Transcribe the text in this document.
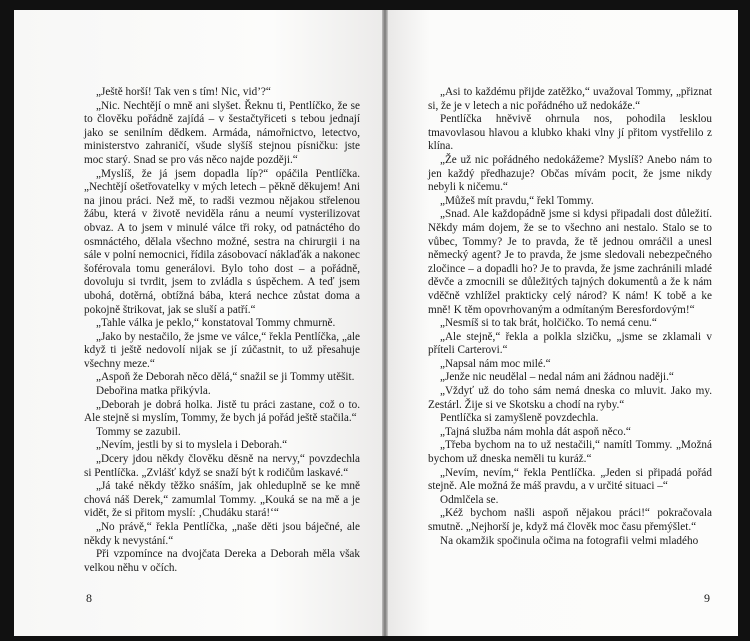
„Ještě horší! Tak ven s tím! Nic, vid’?“

„Nic. Nechtějí o mně ani slyšet. Řeknu ti, Pentlíčko, že se to člověku pořádně zajídá – v šestačtyřiceti s tebou jednají jako se senilním dědkem. Armáda, námořnictvo, letectvo, ministerstvo zahraničí, všude slyšíš stejnou písničku: jste moc starý. Snad se pro vás něco najde později.“

„Myslíš, že já jsem dopadla líp?“ opáčila Pentlíčka. „Nechtějí ošetřovatelky v mých letech – pěkně děkujem! Ani na jinou práci. Než mě, to radši vezmou nějakou střelenou žábu, která v životě neviděla ránu a neumí vysterilizovat obvaz. A to jsem v minulé válce tři roky, od patnáctého do osmnáctého, dělala všechno možné, sestra na chirurgii i na sále v polní nemocnici, řídila zásobovací náklaďák a nakonec šoférovala tomu generálovi. Bylo toho dost – a pořádně, dovoluju si tvrdit, jsem to zvládla s úspěchem. A teď jsem ubohá, dotěrná, obtížná bába, která nechce zůstat doma a pokojně štrikovat, jak se sluší a patří.“

„Tahle válka je peklo,“ konstatoval Tommy chmurně.

„Jako by nestačilo, že jsme ve válce,“ řekla Pentlíčka, „ale když ti ještě nedovolí nijak se jí zúčastnit, to už přesahuje všechny meze.“

„Aspoň že Deborah něco dělá,“ snažil se ji Tommy utěšit.

Debořina matka přikývla.

„Deborah je dobrá holka. Jistě tu práci zastane, což o to. Ale stejně si myslím, Tommy, že bych já pořád ještě stačila.“

Tommy se zazubil.

„Nevím, jestli by si to myslela i Deborah.“

„Dcery jdou někdy člověku děsně na nervy,“ povzdechla si Pentlíčka. „Zvlášť když se snaží být k rodičům laskavé.“

„Já také někdy těžko snáším, jak ohleduplně se ke mně chová náš Derek,“ zamumlal Tommy. „Kouká se na mě a je vidět, že si přitom myslí: ‚Chudáku stará!‘“

„No právě,“ řekla Pentlíčka, „naše děti jsou báječné, ale někdy k nevystání.“

Při vzpomínce na dvojčata Dereka a Deborah měla však velkou něhu v očích.

8

„Asi to každému přijde zatěžko,“ uvažoval Tommy, „přiznat si, že je v letech a nic pořádného už nedokáže.“

Pentlíčka hněvivě ohrnula nos, pohodila lesklou tmavovlasou hlavou a klubko khaki vlny jí přitom vystřelilo z klína.

„Že už nic pořádného nedokážeme? Myslíš? Anebo nám to jen každý předhazuje? Občas mívám pocit, že jsme nikdy nebyli k ničemu.“

„Můžeš mít pravdu,“ řekl Tommy.

„Snad. Ale každopádně jsme si kdysi připadali dost důležití. Někdy mám dojem, že se to všechno ani nestalo. Stalo se to vůbec, Tommy? Je to pravda, že tě jednou omráčil a unesl německý agent? Je to pravda, že jsme sledovali nebezpečného zločince – a dopadli ho? Je to pravda, že jsme zachránili mladé děvče a zmocnili se důležitých tajných dokumentů a že k nám vděčně vzhlížel prakticky celý národ? K nám! K tobě a ke mně! K těm opovrhovaným a odmítaným Beresfordovým!“

„Nesmíš si to tak brát, holčičko. To nemá cenu.“

„Ale stejně,“ řekla a polkla slzičku, „jsme se zklamali v příteli Carterovi.“

„Napsal nám moc milé.“

„Jenže nic neudělal – nedal nám ani žádnou naději.“

„Vždyť už do toho sám nemá dneska co mluvit. Jako my. Zestárl. Žije si ve Skotsku a chodí na ryby.“

Pentlíčka si zamyšleně povzdechla.

„Tajná služba nám mohla dát aspoň něco.“

„Třeba bychom na to už nestačili,“ namítl Tommy. „Možná bychom už dneska neměli tu kuráž.“

„Nevím, nevím,“ řekla Pentlíčka. „Jeden si připadá pořád stejně. Ale možná že máš pravdu, a v určité situaci –“

Odmlčela se.

„Kéž bychom našli aspoň nějakou práci!“ pokračovala smutně. „Nejhorší je, když má člověk moc času přemýšlet.“

Na okamžik spočinula očima na fotografii velmi mladého

9
